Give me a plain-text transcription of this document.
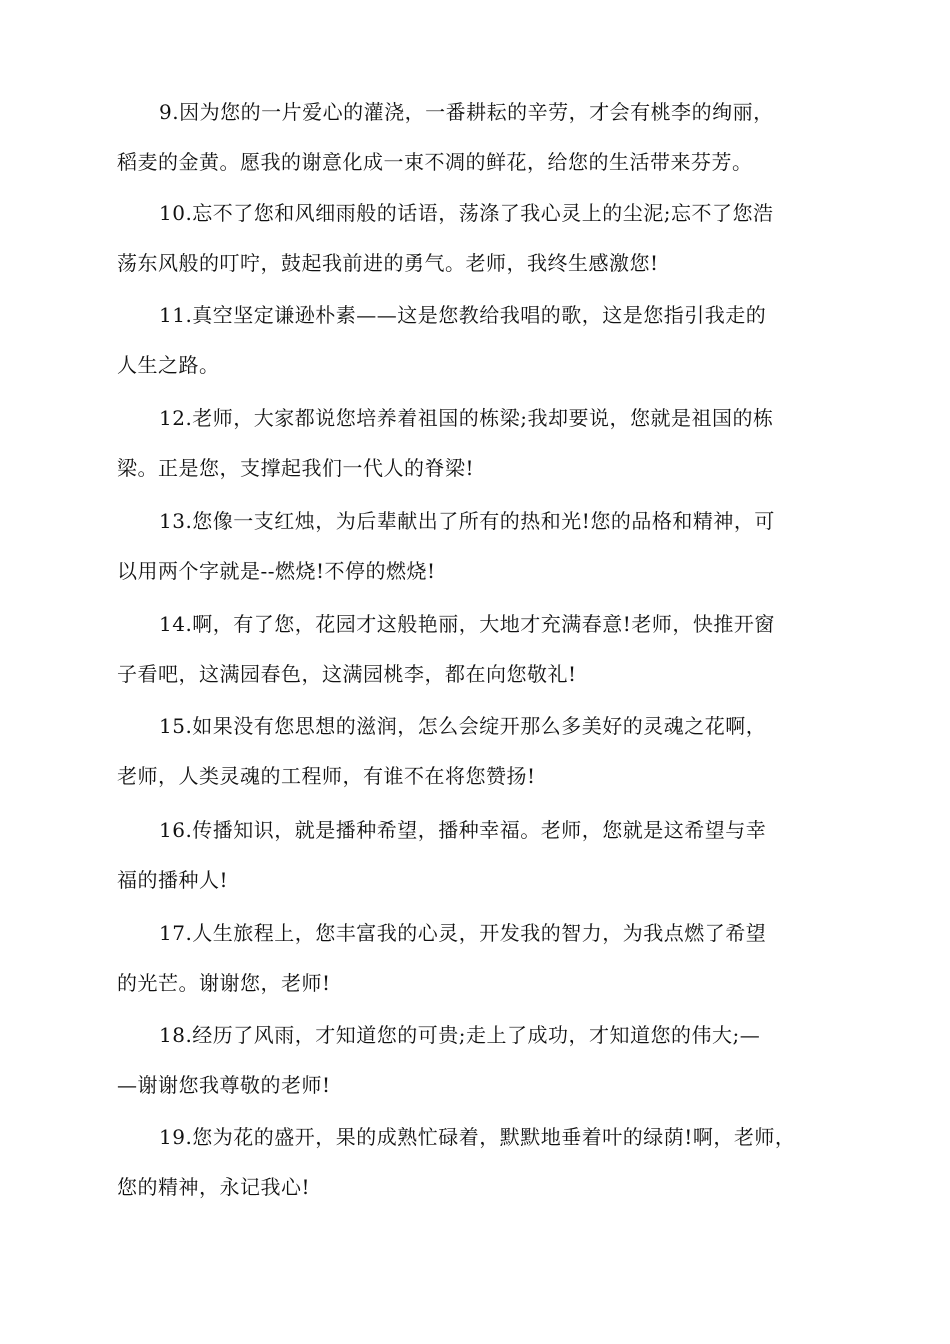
9.因为您的一片爱心的灌浇，一番耕耘的辛劳，才会有桃李的绚丽，
稻麦的金黄。愿我的谢意化成一束不凋的鲜花，给您的生活带来芬芳。

10.忘不了您和风细雨般的话语，荡涤了我心灵上的尘泥;忘不了您浩
荡东风般的叮咛，鼓起我前进的勇气。老师，我终生感激您!

11.真空坚定谦逊朴素——这是您教给我唱的歌，这是您指引我走的
人生之路。

12.老师，大家都说您培养着祖国的栋梁;我却要说，您就是祖国的栋
梁。正是您，支撑起我们一代人的脊梁!

13.您像一支红烛，为后辈献出了所有的热和光!您的品格和精神，可
以用两个字就是--燃烧!不停的燃烧!

14.啊，有了您，花园才这般艳丽，大地才充满春意!老师，快推开窗
子看吧，这满园春色，这满园桃李，都在向您敬礼!

15.如果没有您思想的滋润，怎么会绽开那么多美好的灵魂之花啊，
老师，人类灵魂的工程师，有谁不在将您赞扬!

16.传播知识，就是播种希望，播种幸福。老师，您就是这希望与幸
福的播种人!

17.人生旅程上，您丰富我的心灵，开发我的智力，为我点燃了希望
的光芒。谢谢您，老师!

18.经历了风雨，才知道您的可贵;走上了成功，才知道您的伟大;—
—谢谢您我尊敬的老师!

19.您为花的盛开，果的成熟忙碌着，默默地垂着叶的绿荫!啊，老师，
您的精神，永记我心!
